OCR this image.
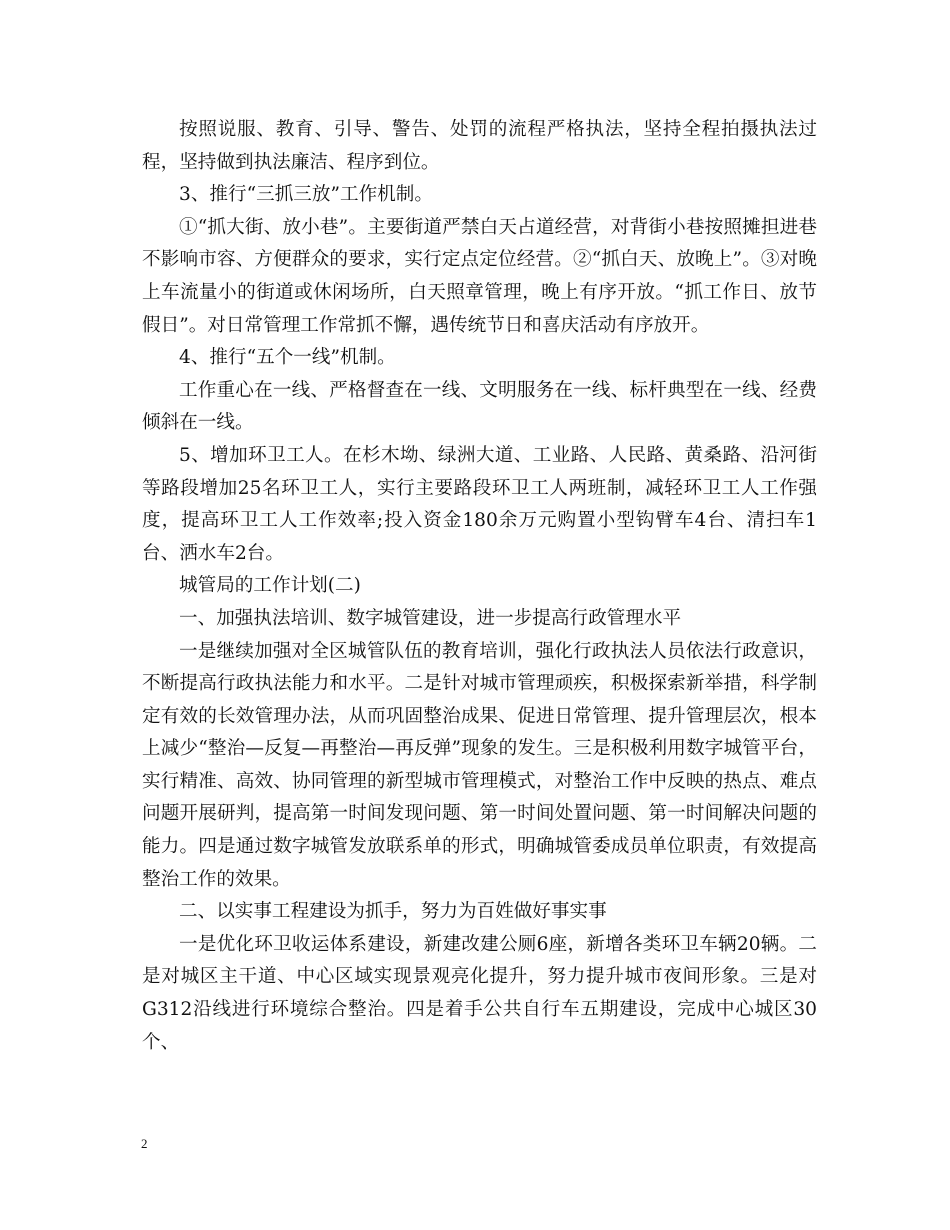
按照说服、教育、引导、警告、处罚的流程严格执法，坚持全程拍摄执法过程，坚持做到执法廉洁、程序到位。

3、推行“三抓三放”工作机制。

①“抓大街、放小巷”。主要街道严禁白天占道经营，对背街小巷按照摊担进巷不影响市容、方便群众的要求，实行定点定位经营。②“抓白天、放晚上”。③对晚上车流量小的街道或休闲场所，白天照章管理，晚上有序开放。“抓工作日、放节假日”。对日常管理工作常抓不懈，遇传统节日和喜庆活动有序放开。

4、推行“五个一线”机制。

工作重心在一线、严格督查在一线、文明服务在一线、标杆典型在一线、经费倾斜在一线。

5、增加环卫工人。在杉木坳、绿洲大道、工业路、人民路、黄桑路、沿河街等路段增加25名环卫工人，实行主要路段环卫工人两班制，减轻环卫工人工作强度，提高环卫工人工作效率;投入资金180余万元购置小型钩臂车4台、清扫车1台、洒水车2台。

城管局的工作计划(二)

一、加强执法培训、数字城管建设，进一步提高行政管理水平

一是继续加强对全区城管队伍的教育培训，强化行政执法人员依法行政意识，不断提高行政执法能力和水平。二是针对城市管理顽疾，积极探索新举措，科学制定有效的长效管理办法，从而巩固整治成果、促进日常管理、提升管理层次，根本上减少“整治—反复—再整治—再反弹”现象的发生。三是积极利用数字城管平台，实行精准、高效、协同管理的新型城市管理模式，对整治工作中反映的热点、难点问题开展研判，提高第一时间发现问题、第一时间处置问题、第一时间解决问题的能力。四是通过数字城管发放联系单的形式，明确城管委成员单位职责，有效提高整治工作的效果。

二、以实事工程建设为抓手，努力为百姓做好事实事

一是优化环卫收运体系建设，新建改建公厕6座，新增各类环卫车辆20辆。二是对城区主干道、中心区域实现景观亮化提升，努力提升城市夜间形象。三是对G312沿线进行环境综合整治。四是着手公共自行车五期建设，完成中心城区30个、

2
